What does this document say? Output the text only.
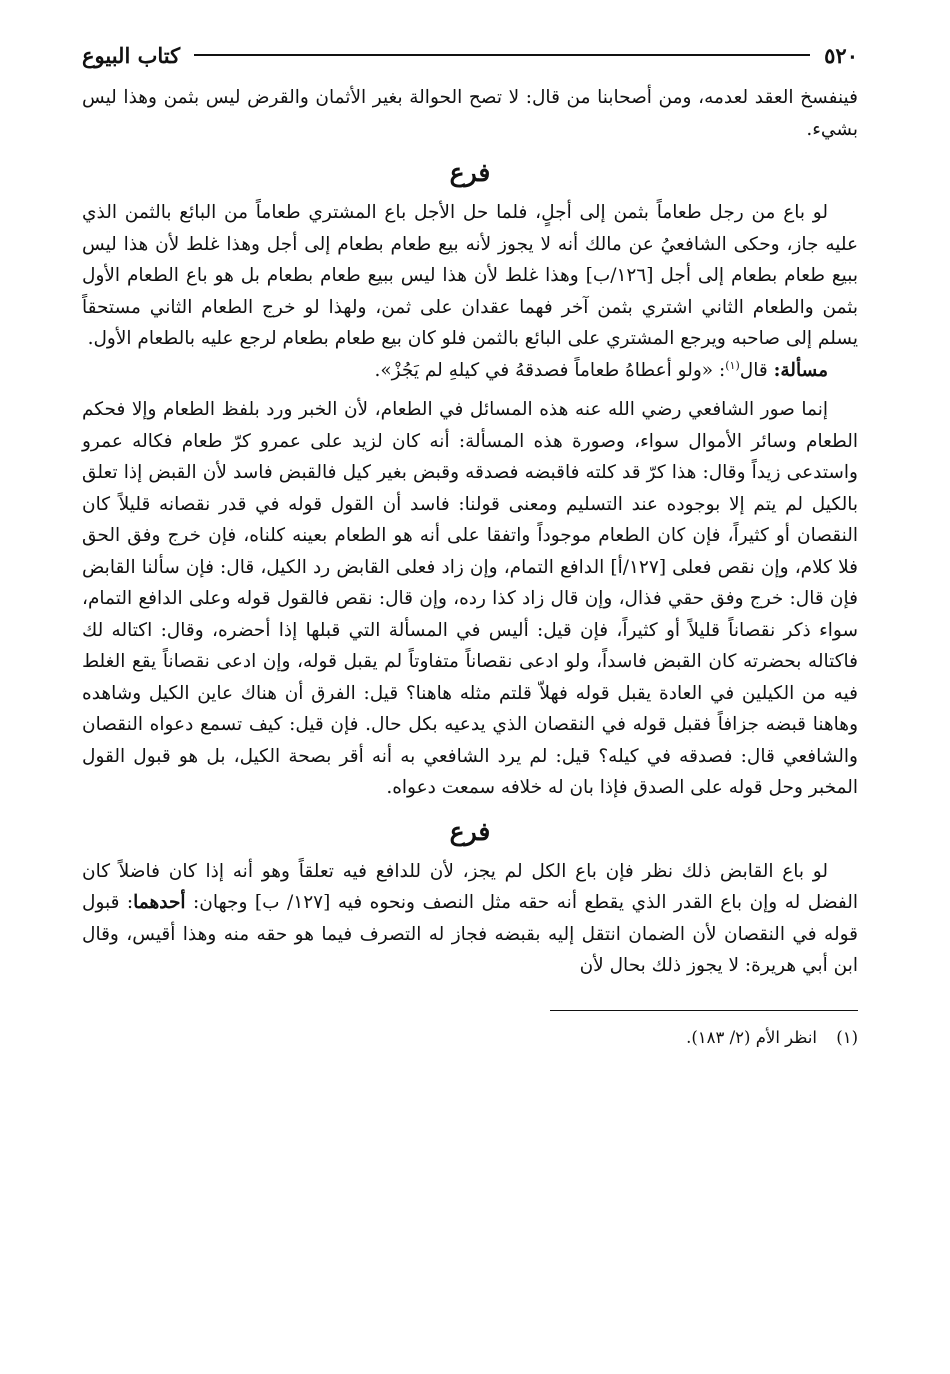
٥٢٠
كتاب البيوع

فينفسخ العقد لعدمه، ومن أصحابنا من قال: لا تصح الحوالة بغير الأثمان والقرض ليس بثمن وهذا ليس بشيء.

فرع

لو باع من رجل طعاماً بثمن إلى أجلٍ، فلما حل الأجل باع المشتري طعاماً من البائع بالثمن الذي عليه جاز، وحكى الشافعيُ عن مالك أنه لا يجوز لأنه بيع طعام بطعام إلى أجل وهذا غلط لأن هذا ليس ببيع طعام بطعام إلى أجل [١٢٦/ب] وهذا غلط لأن هذا ليس ببيع طعام بطعام بل هو باع الطعام الأول بثمن والطعام الثاني اشتري بثمن آخر فهما عقدان على ثمن، ولهذا لو خرج الطعام الثاني مستحقاً يسلم إلى صاحبه ويرجع المشتري على البائع بالثمن فلو كان بيع طعام بطعام لرجع عليه بالطعام الأول.

مسألة: قال$^{(١)}$: «ولو أعطاهُ طعاماً فصدقهُ في كيلهِ لم يَجُزْ».

إنما صور الشافعي رضي الله عنه هذه المسائل في الطعام، لأن الخبر ورد بلفظ الطعام وإلا فحكم الطعام وسائر الأموال سواء، وصورة هذه المسألة: أنه كان لزيد على عمرو كرّ طعام فكاله عمرو واستدعى زيداً وقال: هذا كرّ قد كلته فاقبضه فصدقه وقبض بغير كيل فالقبض فاسد لأن القبض إذا تعلق بالكيل لم يتم إلا بوجوده عند التسليم ومعنى قولنا: فاسد أن القول قوله في قدر نقصانه قليلاً كان النقصان أو كثيراً، فإن كان الطعام موجوداً واتفقا على أنه هو الطعام بعينه كلناه، فإن خرج وفق الحق فلا كلام، وإن نقص فعلى [١٢٧/أ] الدافع التمام، وإن زاد فعلى القابض رد الكيل، قال: فإن سألنا القابض فإن قال: خرج وفق حقي فذال، وإن قال زاد كذا رده، وإن قال: نقص فالقول قوله وعلى الدافع التمام، سواء ذكر نقصاناً قليلاً أو كثيراً، فإن قيل: أليس في المسألة التي قبلها إذا أحضره، وقال: اكتاله لك فاكتاله بحضرته كان القبض فاسداً، ولو ادعى نقصاناً متفاوتاً لم يقبل قوله، وإن ادعى نقصاناً يقع الغلط فيه من الكيلين في العادة يقبل قوله فهلاّ قلتم مثله هاهنا؟ قيل: الفرق أن هناك عاين الكيل وشاهده وهاهنا قبضه جزافاً فقبل قوله في النقصان الذي يدعيه بكل حال. فإن قيل: كيف تسمع دعواه النقصان والشافعي قال: فصدقه في كيله؟ قيل: لم يرد الشافعي به أنه أقر بصحة الكيل، بل هو قبول القول المخبر وحل قوله على الصدق فإذا بان له خلافه سمعت دعواه.

فرع

لو باع القابض ذلك نظر فإن باع الكل لم يجز، لأن للدافع فيه تعلقاً وهو أنه إذا كان فاضلاً كان الفضل له وإن باع القدر الذي يقطع أنه حقه مثل النصف ونحوه فيه [١٢٧/ ب] وجهان: أحدهما: قبول قوله في النقصان لأن الضمان انتقل إليه بقبضه فجاز له التصرف فيما هو حقه منه وهذا أقيس، وقال ابن أبي هريرة: لا يجوز ذلك بحال لأن

(١) انظر الأم (٢/ ١٨٣).
